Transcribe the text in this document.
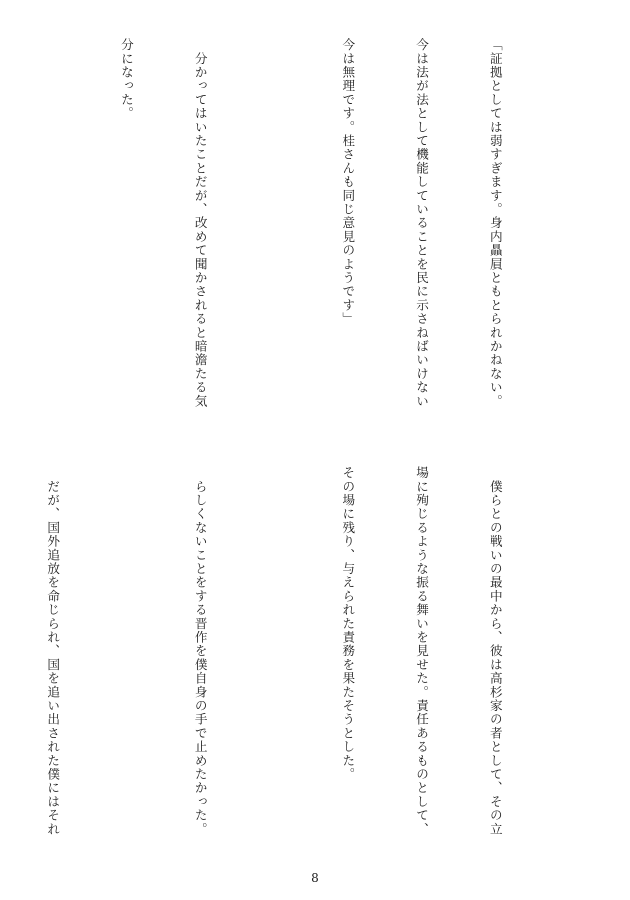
「証拠としては弱すぎます。身内贔屓ともとられかねない。

今は法が法として機能していることを民に示さねばいけない

今は無理です。桂さんも同じ意見のようです」

　分かってはいたことだが、改めて聞かされると暗澹たる気

分になった。

　僕らとの戦いの最中から、彼は高杉家の者として、その立

場に殉じるような振る舞いを見せた。責任あるものとして、

その場に残り、与えられた責務を果たそうとした。

　らしくないことをする晋作を僕自身の手で止めたかった。

　だが、国外追放を命じられ、国を追い出された僕にはそれ

8
